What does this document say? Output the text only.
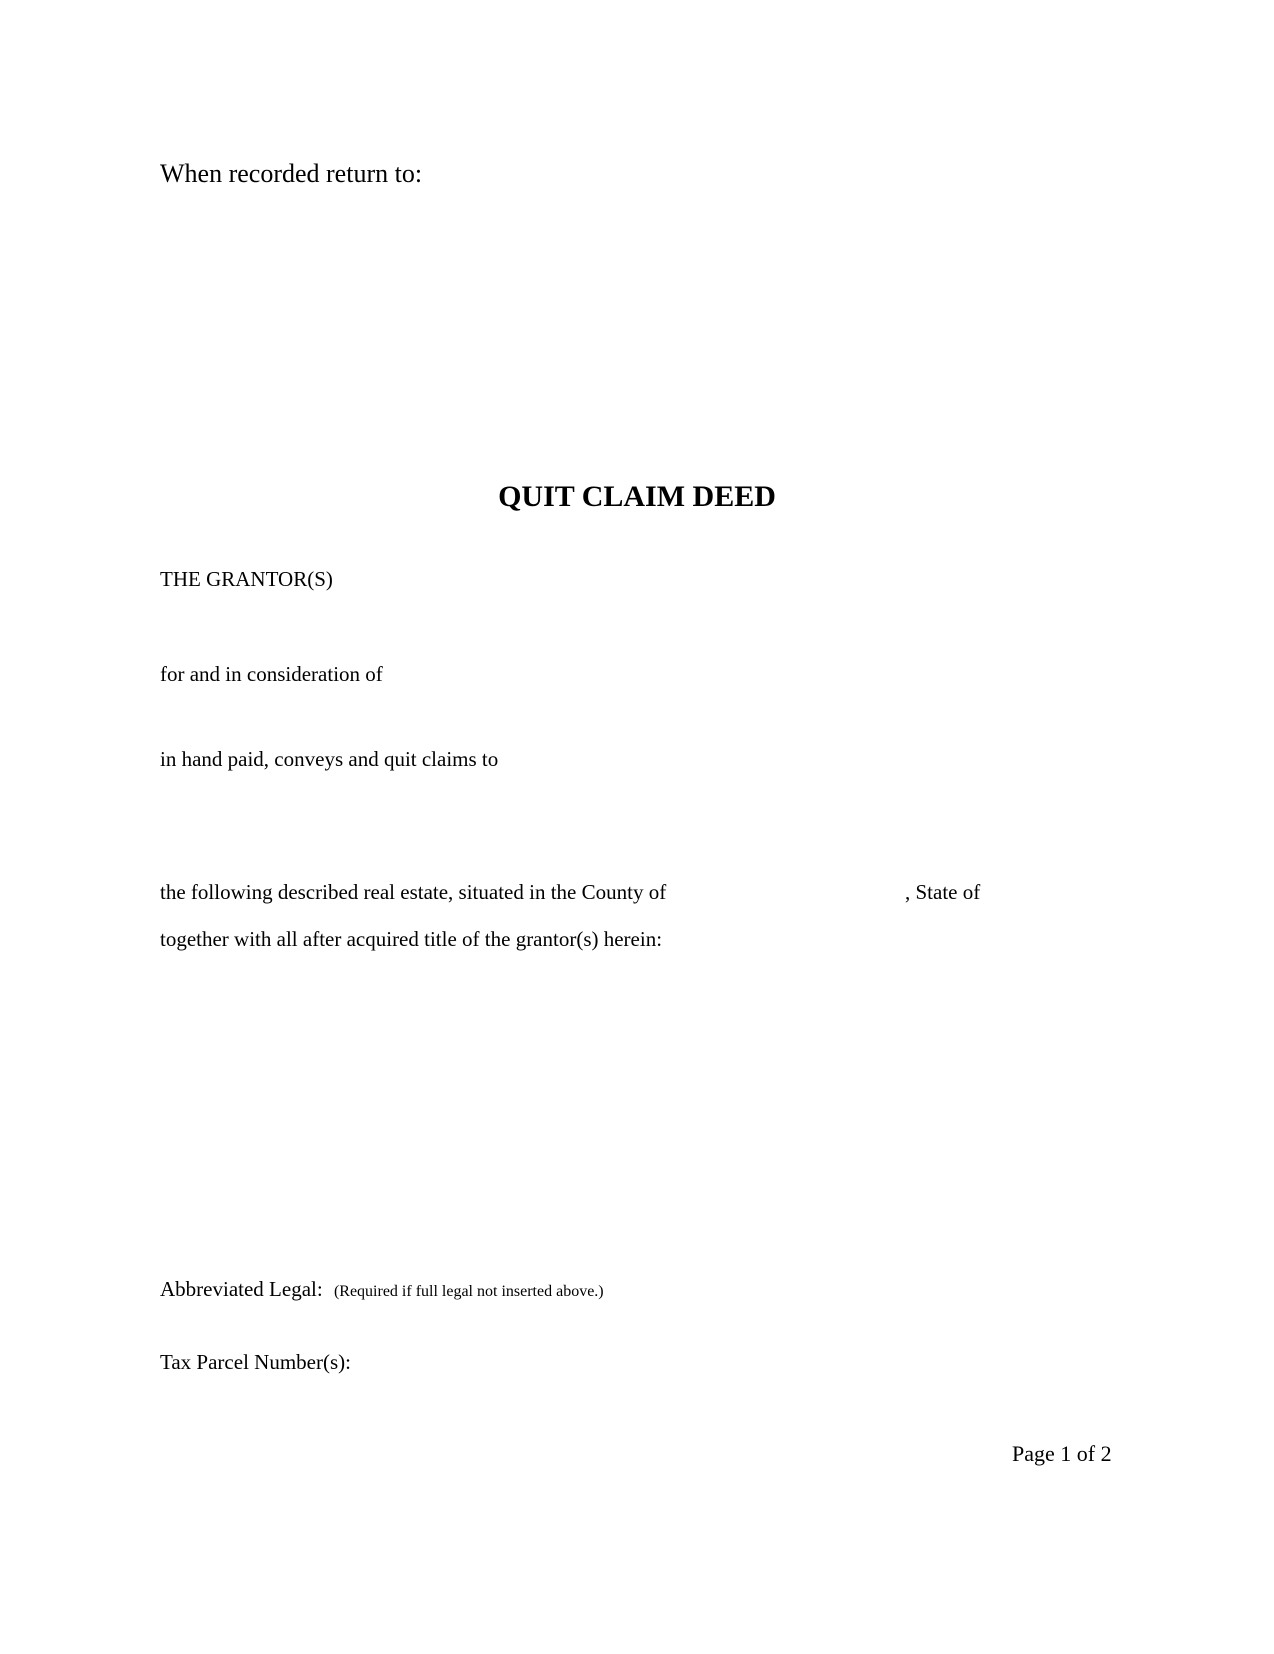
When recorded return to:
QUIT CLAIM DEED
THE GRANTOR(S)
for and in consideration of
in hand paid, conveys and quit claims to
the following described real estate, situated in the County of	, State of
together with all after acquired title of the grantor(s) herein:
Abbreviated Legal: (Required if full legal not inserted above.)
Tax Parcel Number(s):
Page 1 of 2
